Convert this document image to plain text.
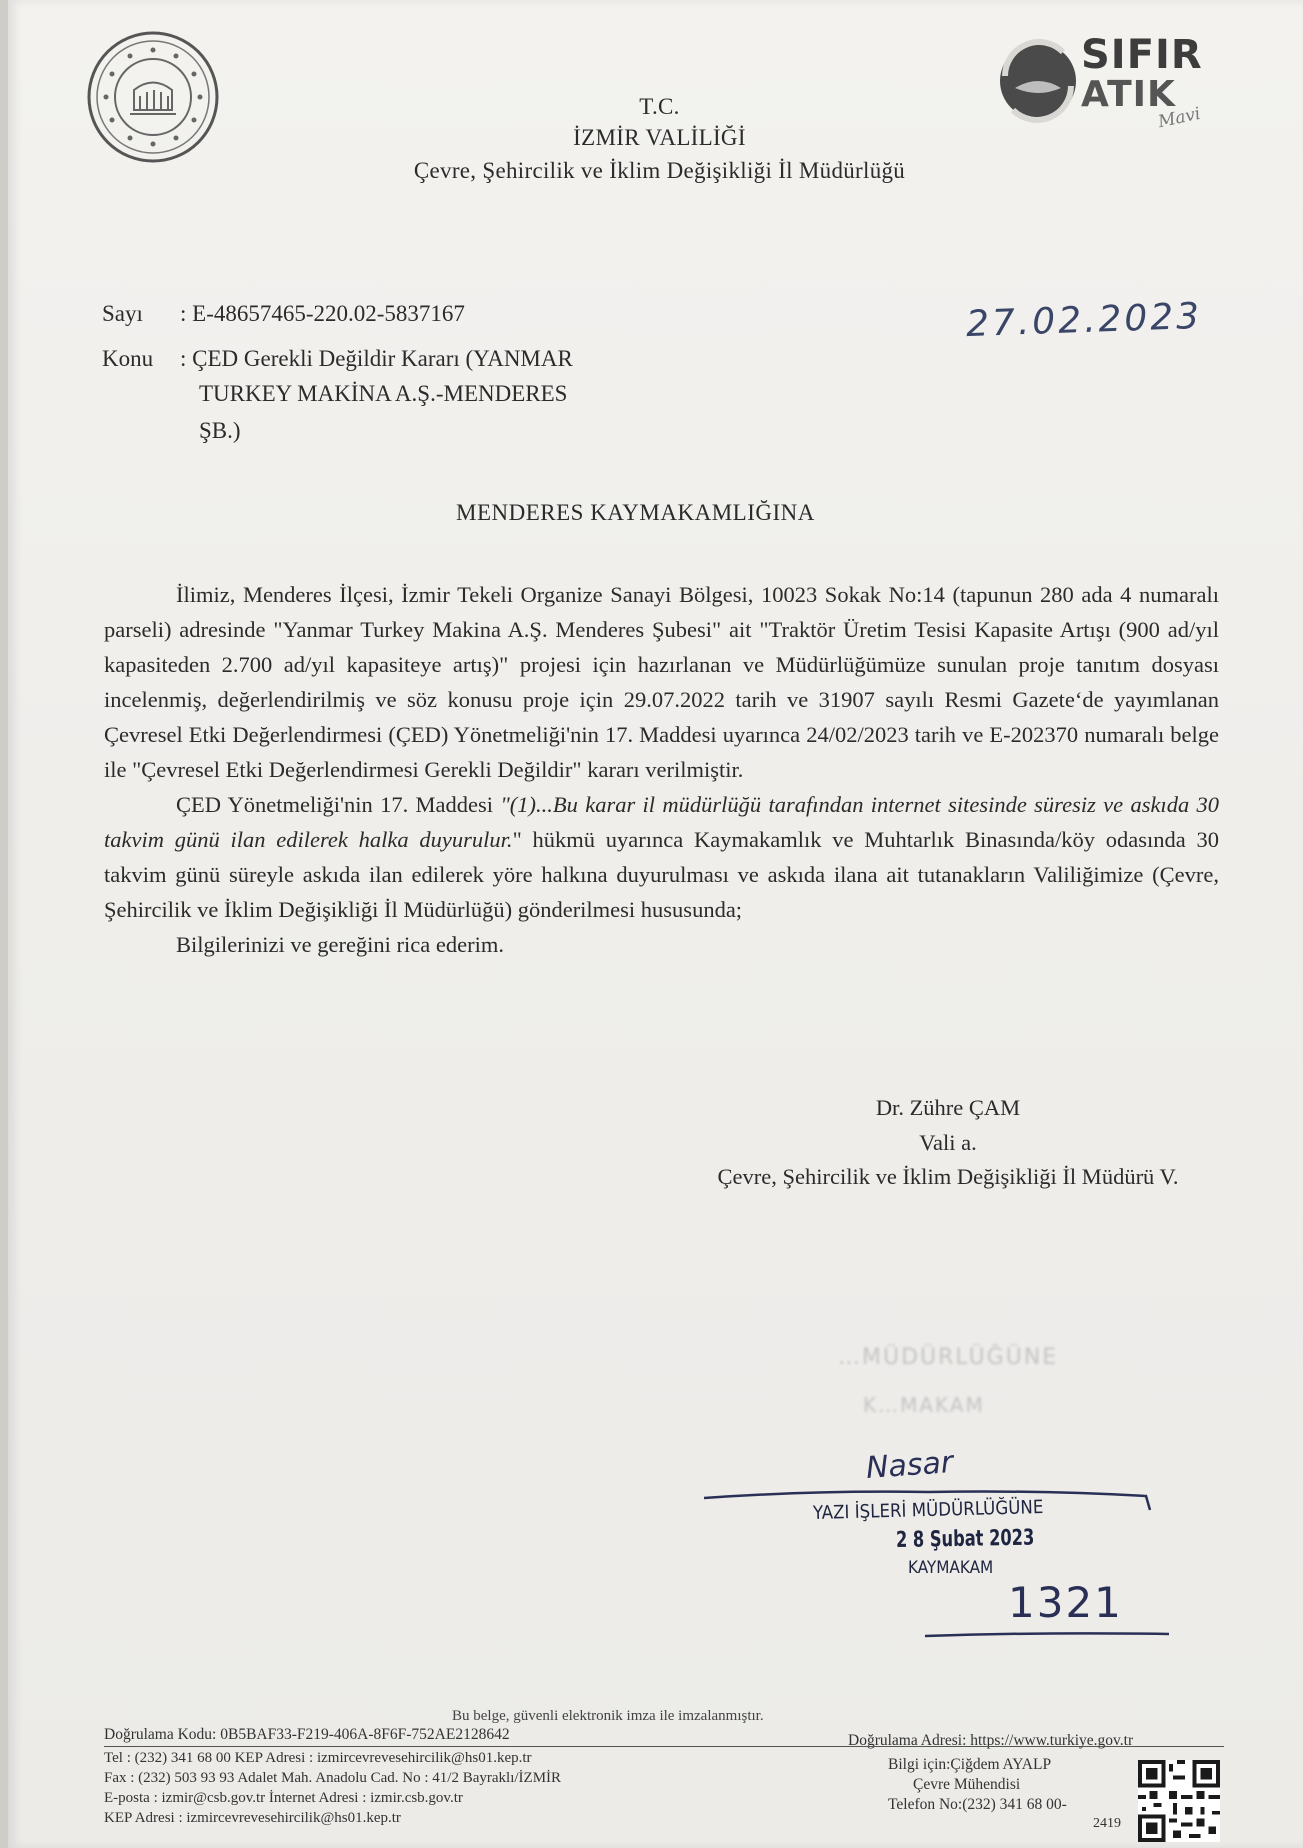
SIFIR
ATIK
Mavi
T.C.
İZMİR VALİLİĞİ
Çevre, Şehircilik ve İklim Değişikliği İl Müdürlüğü
Sayı : E-48657465-220.02-5837167
Konu : ÇED Gerekli Değildir Kararı (YANMAR
TURKEY MAKİNA A.Ş.-MENDERES
ŞB.)
27.02.2023
MENDERES KAYMAKAMLIĞINA

İlimiz, Menderes İlçesi, İzmir Tekeli Organize Sanayi Bölgesi, 10023 Sokak No:14 (tapunun 280 ada 4 numaralı parseli) adresinde "Yanmar Turkey Makina A.Ş. Menderes Şubesi" ait "Traktör Üretim Tesisi Kapasite Artışı (900 ad/yıl kapasiteden 2.700 ad/yıl kapasiteye artış)" projesi için hazırlanan ve Müdürlüğümüze sunulan proje tanıtım dosyası incelenmiş, değerlendirilmiş ve söz konusu proje için 29.07.2022 tarih ve 31907 sayılı Resmi Gazete‘de yayımlanan Çevresel Etki Değerlendirmesi (ÇED) Yönetmeliği'nin 17. Maddesi uyarınca 24/02/2023 tarih ve E-202370 numaralı belge ile "Çevresel Etki Değerlendirmesi Gerekli Değildir" kararı verilmiştir.

ÇED Yönetmeliği'nin 17. Maddesi "(1)...Bu karar il müdürlüğü tarafından internet sitesinde süresiz ve askıda 30 takvim günü ilan edilerek halka duyurulur." hükmü uyarınca Kaymakamlık ve Muhtarlık Binasında/köy odasında 30 takvim günü süreyle askıda ilan edilerek yöre halkına duyurulması ve askıda ilana ait tutanakların Valiliğimize (Çevre, Şehircilik ve İklim Değişikliği İl Müdürlüğü) gönderilmesi hususunda;

Bilgilerinizi ve gereğini rica ederim.

Dr. Zühre ÇAM
Vali a.
Çevre, Şehircilik ve İklim Değişikliği İl Müdürü V.
…MÜDÜRLÜĞÜNE
K…MAKAM
Nasar
YAZI İŞLERİ MÜDÜRLÜĞÜNE
2 8 Şubat 2023
KAYMAKAM
1321
Bu belge, güvenli elektronik imza ile imzalanmıştır.
Doğrulama Kodu: 0B5BAF33-F219-406A-8F6F-752AE2128642	Doğrulama Adresi: https://www.turkiye.gov.tr
Tel : (232) 341 68 00 KEP Adresi : izmircevrevesehircilik@hs01.kep.tr
Fax : (232) 503 93 93 Adalet Mah. Anadolu Cad. No : 41/2 Bayraklı/İZMİR
E-posta : izmir@csb.gov.tr İnternet Adresi : izmir.csb.gov.tr
KEP Adresi : izmircevrevesehircilik@hs01.kep.tr
Bilgi için:Çiğdem AYALP
Çevre Mühendisi
Telefon No:(232) 341 68 00-
2419
